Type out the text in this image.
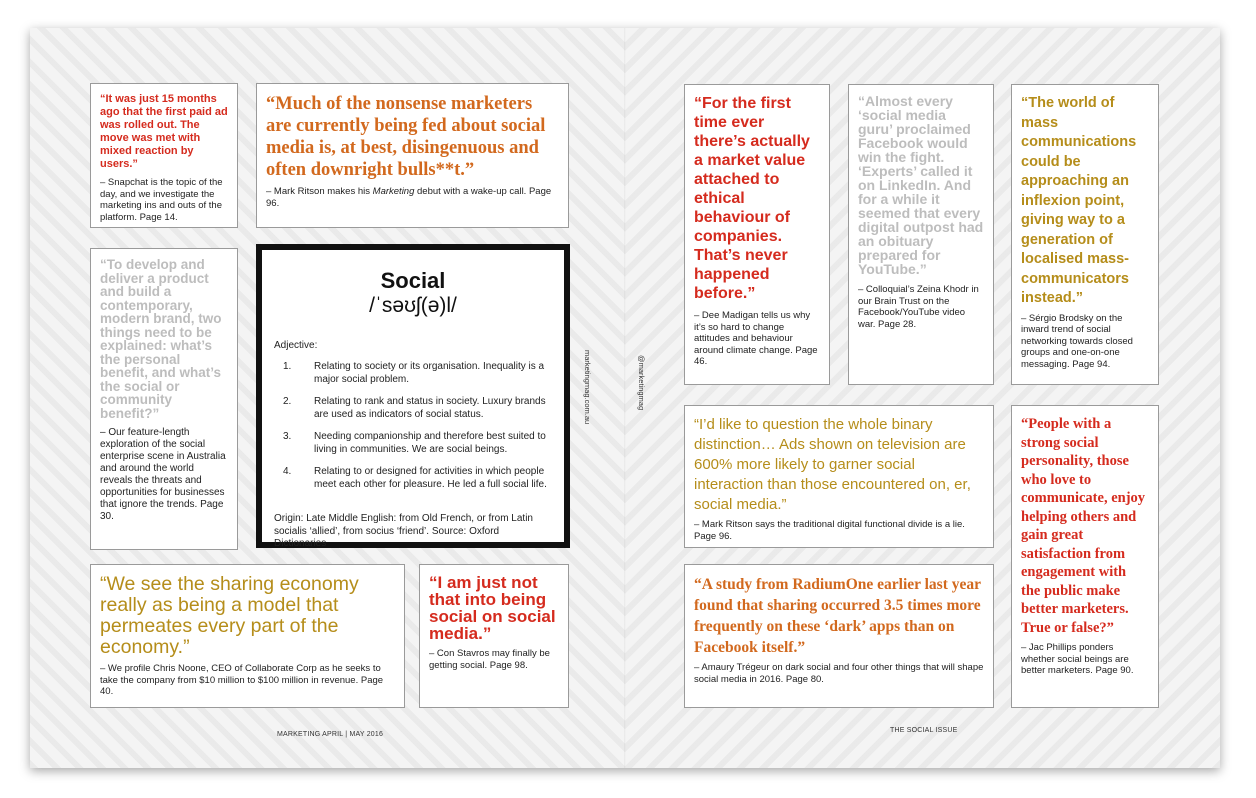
“It was just 15 months ago that the first paid ad was rolled out. The move was met with mixed reaction by users.”

– Snapchat is the topic of the day, and we investigate the marketing ins and outs of the platform. Page 14.

“Much of the nonsense marketers are currently being fed about social media is, at best, disingenuous and often downright bulls**t.”

– Mark Ritson makes his Marketing debut with a wake-up call. Page 96.

“To develop and deliver a product and build a contemporary, modern brand, two things need to be explained: what’s the personal benefit, and what’s the social or community benefit?”

– Our feature-length exploration of the social enterprise scene in Australia and around the world reveals the threats and opportunities for businesses that ignore the trends. Page 30.

Social

/ˈsəʊʃ(ə)l/

Adjective:

1. Relating to society or its organisation. Inequality is a major social problem.
2. Relating to rank and status in society. Luxury brands are used as indicators of social status.
3. Needing companionship and therefore best suited to living in communities. We are social beings.
4. Relating to or designed for activities in which people meet each other for pleasure. He led a full social life.

Origin: Late Middle English: from Old French, or from Latin socialis ‘allied’, from socius ‘friend’. Source: Oxford Dictionaries

“We see the sharing economy really as being a model that permeates every part of the economy.”

– We profile Chris Noone, CEO of Collaborate Corp as he seeks to take the company from $10 million to $100 million in revenue. Page 40.

“I am just not that into being social on social media.”

– Con Stavros may finally be getting social. Page 98.

“For the first time ever there’s actually a market value attached to ethical behaviour of companies. That’s never happened before.”

– Dee Madigan tells us why it’s so hard to change attitudes and behaviour around climate change. Page 46.

“Almost every ‘social media guru’ proclaimed Facebook would win the fight. ‘Experts’ called it on LinkedIn. And for a while it seemed that every digital outpost had an obituary prepared for YouTube.”

– Colloquial’s Zeina Khodr in our Brain Trust on the Facebook/YouTube video war. Page 28.

“The world of mass communications could be approaching an inflexion point, giving way to a generation of localised mass-communicators instead.”

– Sérgio Brodsky on the inward trend of social networking towards closed groups and one-on-one messaging. Page 94.

“I’d like to question the whole binary distinction… Ads shown on television are 600% more likely to garner social interaction than those encountered on, er, social media.”

– Mark Ritson says the traditional digital functional divide is a lie. Page 96.

“A study from RadiumOne earlier last year found that sharing occurred 3.5 times more frequently on these ‘dark’ apps than on Facebook itself.”

– Amaury Trégeur on dark social and four other things that will shape social media in 2016. Page 80.

“People with a strong social personality, those who love to communicate, enjoy helping others and gain great satisfaction from engagement with the public make better marketers. True or false?”

– Jac Phillips ponders whether social beings are better marketers. Page 90.

MARKETING APRIL | MAY 2016
THE SOCIAL ISSUE
marketingmag.com.au	@marketingmag
